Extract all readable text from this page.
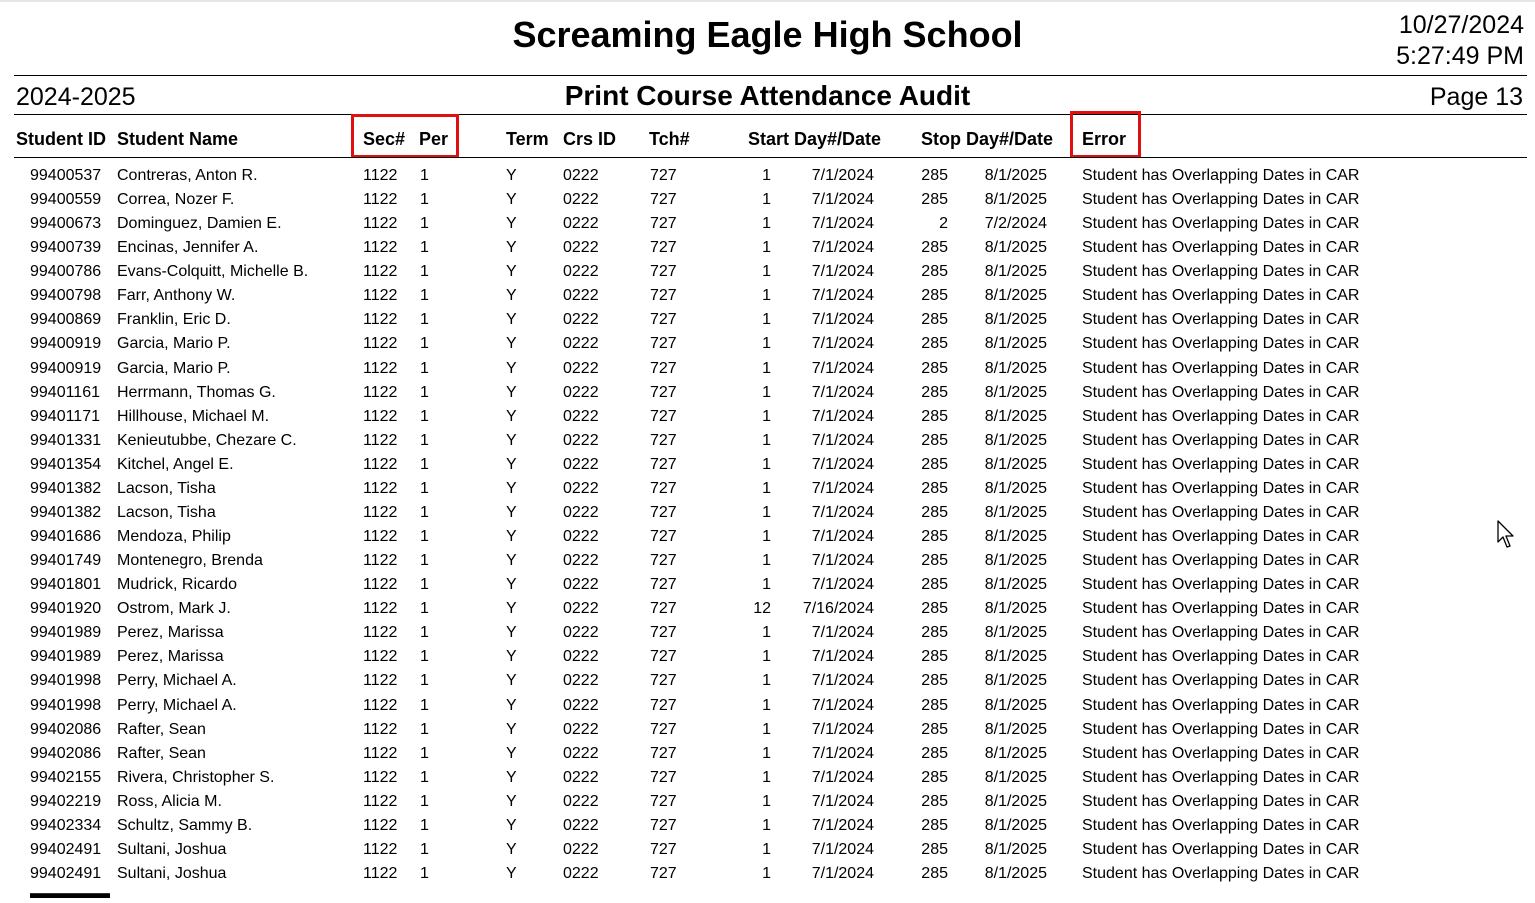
Screaming Eagle High School	10/27/2024
5:27:49 PM
2024-2025	Print Course Attendance Audit	Page 13
Student ID Student Name	Sec# Per	Term Crs ID Tch#	Start Day#/Date Stop Day#/Date Error
99400537 Contreras, Anton R.	1122 1	Y	0222	727	1	7/1/2024	285 8/1/2025 Student has Overlapping Dates in CAR
99400559 Correa, Nozer F.	1122 1	Y	0222	727	1	7/1/2024	285 8/1/2025 Student has Overlapping Dates in CAR
99400673 Dominguez, Damien E.	1122 1	Y	0222	727	1	7/1/2024	2 7/2/2024 Student has Overlapping Dates in CAR
99400739 Encinas, Jennifer A.	1122 1	Y	0222	727	1	7/1/2024	285 8/1/2025 Student has Overlapping Dates in CAR
99400786 Evans-Colquitt, Michelle B.	1122 1	Y	0222	727	1	7/1/2024	285 8/1/2025 Student has Overlapping Dates in CAR
99400798 Farr, Anthony W.	1122 1	Y	0222	727	1	7/1/2024	285 8/1/2025 Student has Overlapping Dates in CAR
99400869 Franklin, Eric D.	1122 1	Y	0222	727	1	7/1/2024	285 8/1/2025 Student has Overlapping Dates in CAR
99400919 Garcia, Mario P.	1122 1	Y	0222	727	1	7/1/2024	285 8/1/2025 Student has Overlapping Dates in CAR
99400919 Garcia, Mario P.	1122 1	Y	0222	727	1	7/1/2024	285 8/1/2025 Student has Overlapping Dates in CAR
99401161 Herrmann, Thomas G.	1122 1	Y	0222	727	1	7/1/2024	285 8/1/2025 Student has Overlapping Dates in CAR
99401171 Hillhouse, Michael M.	1122 1	Y	0222	727	1	7/1/2024	285 8/1/2025 Student has Overlapping Dates in CAR
99401331 Kenieutubbe, Chezare C.	1122 1	Y	0222	727	1	7/1/2024	285 8/1/2025 Student has Overlapping Dates in CAR
99401354 Kitchel, Angel E.	1122 1	Y	0222	727	1	7/1/2024	285 8/1/2025 Student has Overlapping Dates in CAR
99401382 Lacson, Tisha	1122 1	Y	0222	727	1	7/1/2024	285 8/1/2025 Student has Overlapping Dates in CAR
99401382 Lacson, Tisha	1122 1	Y	0222	727	1	7/1/2024	285 8/1/2025 Student has Overlapping Dates in CAR
99401686 Mendoza, Philip	1122 1	Y	0222	727	1	7/1/2024	285 8/1/2025 Student has Overlapping Dates in CAR
99401749 Montenegro, Brenda	1122 1	Y	0222	727	1	7/1/2024	285 8/1/2025 Student has Overlapping Dates in CAR
99401801 Mudrick, Ricardo	1122 1	Y	0222	727	1	7/1/2024	285 8/1/2025 Student has Overlapping Dates in CAR
99401920 Ostrom, Mark J.	1122 1	Y	0222	727	12 7/16/2024	285 8/1/2025 Student has Overlapping Dates in CAR
99401989 Perez, Marissa	1122 1	Y	0222	727	1	7/1/2024	285 8/1/2025 Student has Overlapping Dates in CAR
99401989 Perez, Marissa	1122 1	Y	0222	727	1	7/1/2024	285 8/1/2025 Student has Overlapping Dates in CAR
99401998 Perry, Michael A.	1122 1	Y	0222	727	1	7/1/2024	285 8/1/2025 Student has Overlapping Dates in CAR
99401998 Perry, Michael A.	1122 1	Y	0222	727	1	7/1/2024	285 8/1/2025 Student has Overlapping Dates in CAR
99402086 Rafter, Sean	1122 1	Y	0222	727	1	7/1/2024	285 8/1/2025 Student has Overlapping Dates in CAR
99402086 Rafter, Sean	1122 1	Y	0222	727	1	7/1/2024	285 8/1/2025 Student has Overlapping Dates in CAR
99402155 Rivera, Christopher S.	1122 1	Y	0222	727	1	7/1/2024	285 8/1/2025 Student has Overlapping Dates in CAR
99402219 Ross, Alicia M.	1122 1	Y	0222	727	1	7/1/2024	285 8/1/2025 Student has Overlapping Dates in CAR
99402334 Schultz, Sammy B.	1122 1	Y	0222	727	1	7/1/2024	285 8/1/2025 Student has Overlapping Dates in CAR
99402491 Sultani, Joshua	1122 1	Y	0222	727	1	7/1/2024	285 8/1/2025 Student has Overlapping Dates in CAR
99402491 Sultani, Joshua	1122 1	Y	0222	727	1	7/1/2024	285 8/1/2025 Student has Overlapping Dates in CAR
▬▬▬▬▬
